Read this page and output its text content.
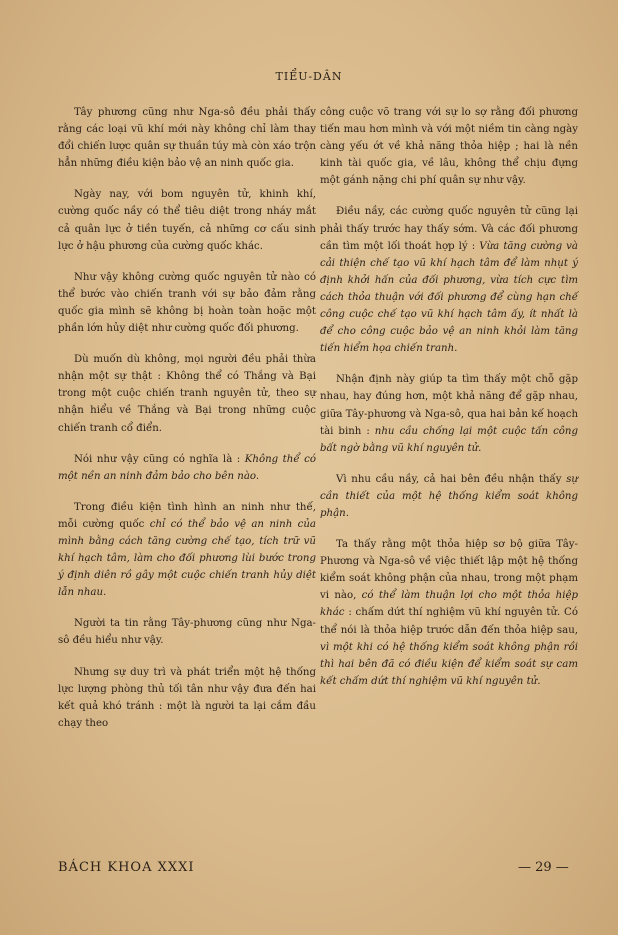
TIỂU-DÂN

Tây phương cũng như Nga-sô đều phải thấy rằng các loại vũ khí mới này không chỉ làm thay đổi chiến lược quân sự thuần túy mà còn xáo trộn hẳn những điều kiện bảo vệ an ninh quốc gia.

Ngày nay, với bom nguyên tử, khinh khí, cường quốc nầy có thể tiêu diệt trong nháy mắt cả quân lực ở tiền tuyến, cả những cơ cấu sinh lực ở hậu phương của cường quốc khác.

Như vậy không cường quốc nguyên tử nào có thể bước vào chiến tranh với sự bảo đảm rằng quốc gia mình sẽ không bị hoàn toàn hoặc một phần lớn hủy diệt như cường quốc đối phương.

Dù muốn dù không, mọi người đều phải thừa nhận một sự thật : Không thể có Thắng và Bại trong một cuộc chiến tranh nguyên tử, theo sự nhận hiểu về Thắng và Bại trong những cuộc chiến tranh cổ điển.

Nói như vậy cũng có nghĩa là : Không thể có một nền an ninh đảm bảo cho bên nào.

Trong điều kiện tình hình an ninh như thế, mỗi cường quốc chỉ có thể bảo vệ an ninh của mình bằng cách tăng cường chế tạo, tích trữ vũ khí hạch tâm, làm cho đối phương lùi bước trong ý định diên rồ gây một cuộc chiến tranh hủy diệt lẫn nhau.

Người ta tin rằng Tây-phương cũng như Nga-sô đều hiểu như vậy.

Nhưng sự duy trì và phát triển một hệ thống lực lượng phòng thủ tối tân như vậy đưa đến hai kết quả khó tránh : một là người ta lại cắm đầu chạy theo

công cuộc võ trang với sự lo sợ rằng đối phương tiến mau hơn mình và với một niềm tin càng ngày càng yếu ớt về khả năng thỏa hiệp ; hai là nền kinh tài quốc gia, về lâu, không thể chịu đựng một gánh nặng chi phí quân sự như vậy.

Điều nầy, các cường quốc nguyên tử cũng lại phải thấy trước hay thấy sớm. Và các đối phương cần tìm một lối thoát hợp lý : Vừa tăng cường và cải thiện chế tạo vũ khí hạch tâm để làm nhụt ý định khởi hấn của đối phương, vừa tích cực tìm cách thỏa thuận với đối phương để cùng hạn chế công cuộc chế tạo vũ khí hạch tâm ấy, ít nhất là để cho công cuộc bảo vệ an ninh khỏi làm tăng tiến hiểm họa chiến tranh.

Nhận định này giúp ta tìm thấy một chỗ gặp nhau, hay đúng hơn, một khả năng để gặp nhau, giữa Tây-phương và Nga-sô, qua hai bản kế hoạch tài binh : nhu cầu chống lại một cuộc tấn công bất ngờ bằng vũ khí nguyên tử.

Vì nhu cầu nầy, cả hai bên đều nhận thấy sự cần thiết của một hệ thống kiểm soát không phận.

Ta thấy rằng một thỏa hiệp sơ bộ giữa Tây-Phương và Nga-sô về việc thiết lập một hệ thống kiểm soát không phận của nhau, trong một phạm vi nào, có thể làm thuận lợi cho một thỏa hiệp khác : chấm dứt thí nghiệm vũ khí nguyên tử. Có thể nói là thỏa hiệp trước dẫn đến thỏa hiệp sau, vì một khi có hệ thống kiểm soát không phận rồi thì hai bên đã có điều kiện để kiểm soát sự cam kết chấm dứt thí nghiệm vũ khí nguyên tử.

BÁCH KHOA XXXI	— 29 —
